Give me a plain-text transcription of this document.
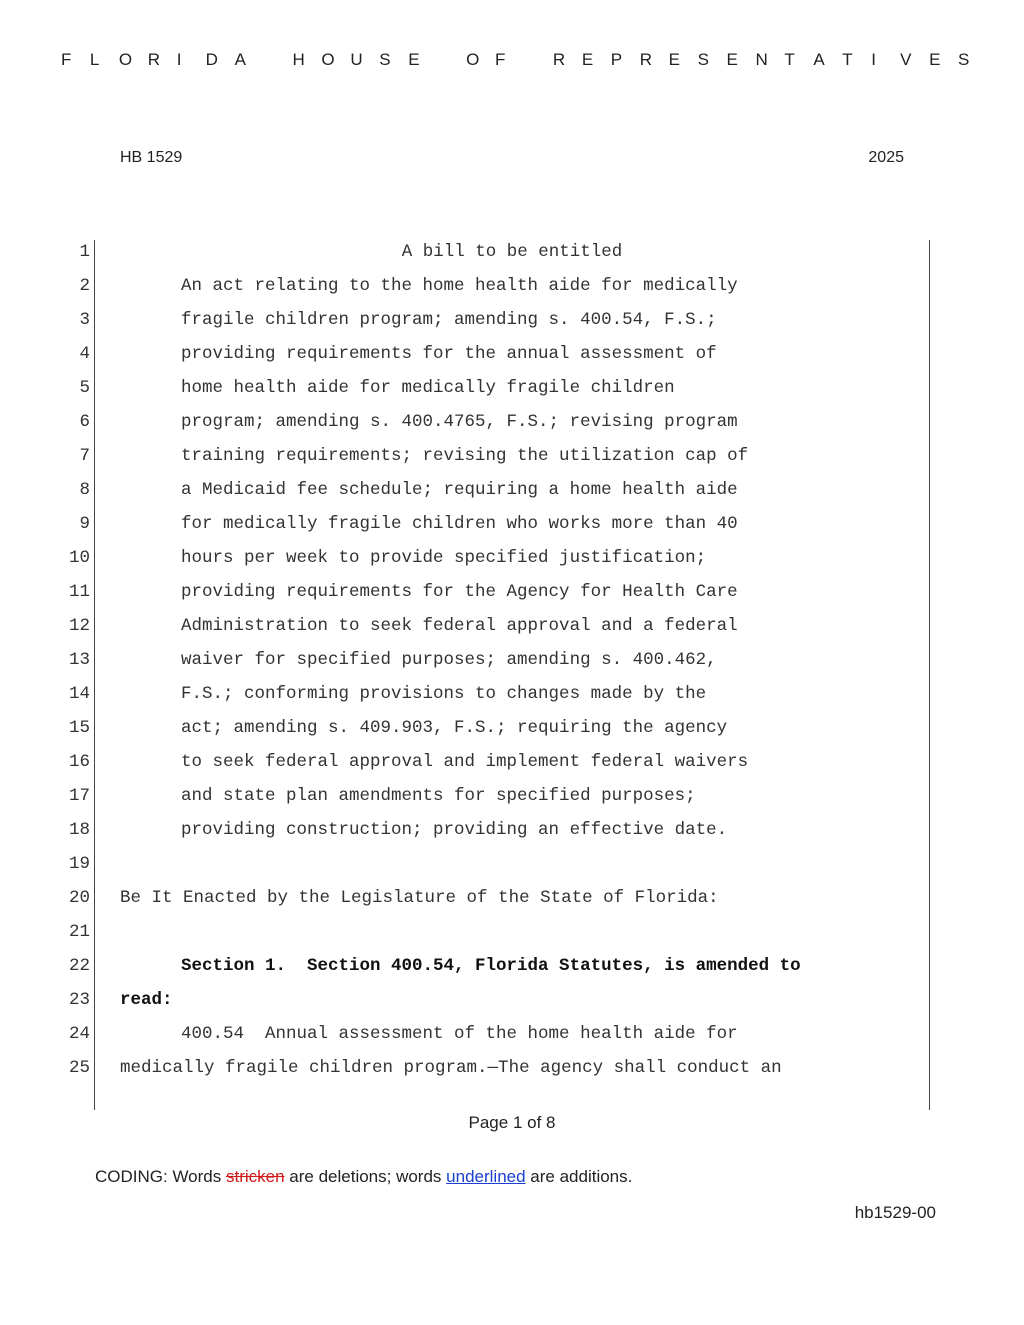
F L O R I D A	H O U S E	O F	R E P R E S E N T A T I V E S
HB 1529	2025
1	A bill to be entitled
2	An act relating to the home health aide for medically
3	fragile children program; amending s. 400.54, F.S.;
4	providing requirements for the annual assessment of
5	home health aide for medically fragile children
6	program; amending s. 400.4765, F.S.; revising program
7	training requirements; revising the utilization cap of
8	a Medicaid fee schedule; requiring a home health aide
9	for medically fragile children who works more than 40
10	hours per week to provide specified justification;
11	providing requirements for the Agency for Health Care
12	Administration to seek federal approval and a federal
13	waiver for specified purposes; amending s. 400.462,
14	F.S.; conforming provisions to changes made by the
15	act; amending s. 409.903, F.S.; requiring the agency
16	to seek federal approval and implement federal waivers
17	and state plan amendments for specified purposes;
18	providing construction; providing an effective date.
19
20 Be It Enacted by the Legislature of the State of Florida:
21
22	Section 1.  Section 400.54, Florida Statutes, is amended to
23 read:
24	400.54  Annual assessment of the home health aide for
25 medically fragile children program.—The agency shall conduct an
Page 1 of 8
CODING: Words stricken are deletions; words underlined are additions.
hb1529-00
